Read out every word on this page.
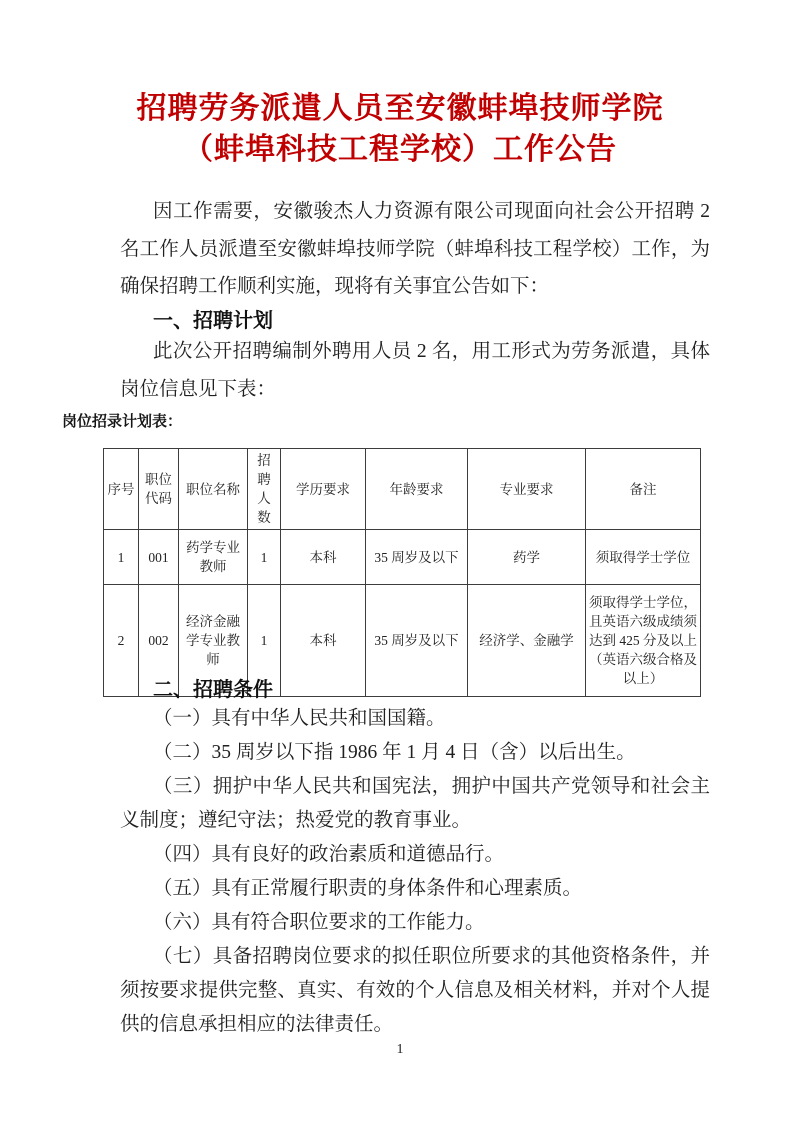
招聘劳务派遣人员至安徽蚌埠技师学院
（蚌埠科技工程学校）工作公告

因工作需要，安徽骏杰人力资源有限公司现面向社会公开招聘 2 名工作人员派遣至安徽蚌埠技师学院（蚌埠科技工程学校）工作，为确保招聘工作顺利实施，现将有关事宜公告如下：

一、招聘计划

此次公开招聘编制外聘用人员 2 名，用工形式为劳务派遣，具体岗位信息见下表：

岗位招录计划表：
序号	职位代码	职位名称	招聘人数	学历要求	年龄要求	专业要求	备注
1	001	药学专业教师	1	本科	35 周岁及以下	药学	须取得学士学位
2	002	经济金融学专业教师	1	本科	35 周岁及以下	经济学、金融学	须取得学士学位，且英语六级成绩须达到 425 分及以上（英语六级合格及以上）
二、招聘条件

（一）具有中华人民共和国国籍。

（二）35 周岁以下指 1986 年 1 月 4 日（含）以后出生。

（三）拥护中华人民共和国宪法，拥护中国共产党领导和社会主义制度；遵纪守法；热爱党的教育事业。

（四）具有良好的政治素质和道德品行。

（五）具有正常履行职责的身体条件和心理素质。

（六）具有符合职位要求的工作能力。

（七）具备招聘岗位要求的拟任职位所要求的其他资格条件，并须按要求提供完整、真实、有效的个人信息及相关材料，并对个人提供的信息承担相应的法律责任。

1
